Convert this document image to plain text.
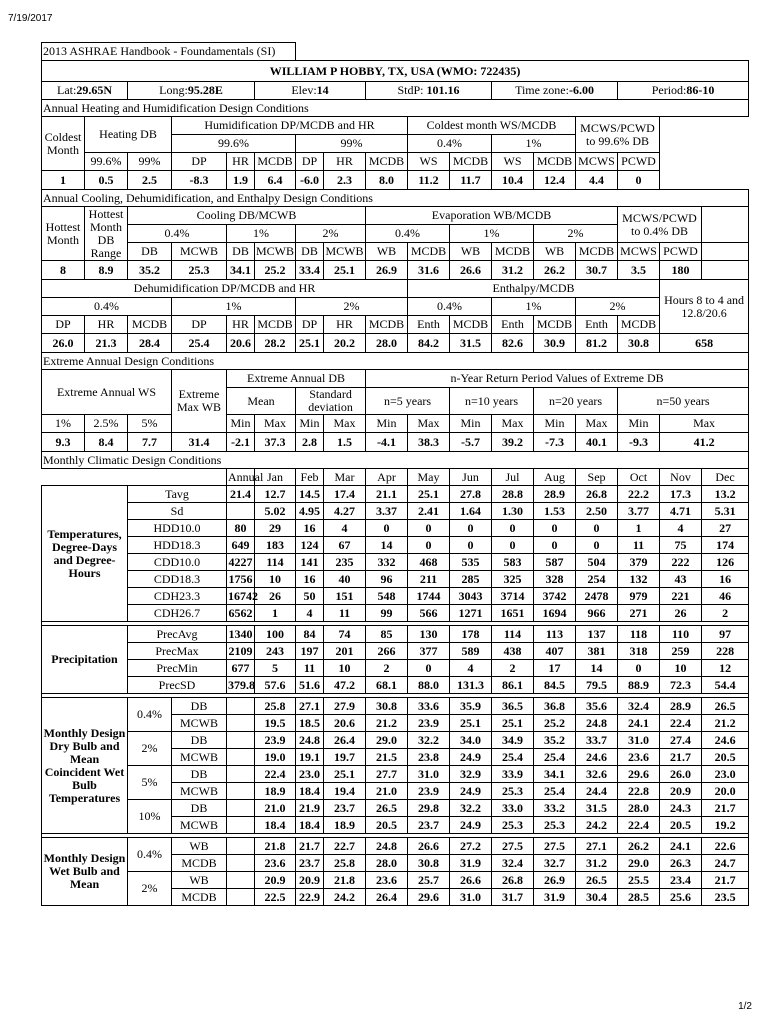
7/19/2017
1/2
2013 ASHRAE Handbook - Foundamentals (SI)																
WILLIAM P HOBBY, TX, USA (WMO: 722435)																
Lat:29.65N		Long:95.28E			Elev:14			StdP: 101.16			Time zone:-6.00			Period:86-10		
Annual Heating and Humidification Design Conditions																
Coldest Month	Heating DB		Humidification DP/MCDB and HR						Coldest month WS/MCDB				MCWS/PCWD to 99.6% DB			
			99.6%			99%			0.4%		1%					
	99.6%	99%	DP	HR	MCDB	DP	HR	MCDB	WS	MCDB	WS	MCDB	MCWS	PCWD		
1	0.5	2.5	-8.3	1.9	6.4	-6.0	2.3	8.0	11.2	11.7	10.4	12.4	4.4	0		
Annual Cooling, Dehumidification, and Enthalpy Design Conditions																
Hottest Month	Hottest Month DB Range	Cooling DB/MCWB						Evaporation WB/MCDB						MCWS/PCWD to 0.4% DB		
		0.4%		1%		2%		0.4%		1%		2%				
		DB	MCWB	DB	MCWB	DB	MCWB	WB	MCDB	WB	MCDB	WB	MCDB	MCWS	PCWD	
8	8.9	35.2	25.3	34.1	25.2	33.4	25.1	26.9	31.6	26.6	31.2	26.2	30.7	3.5	180	
Dehumidification DP/MCDB and HR									Enthalpy/MCDB						Hours 8 to 4 and 12.8/20.6	
0.4%			1%			2%			0.4%		1%		2%			
DP	HR	MCDB	DP	HR	MCDB	DP	HR	MCDB	Enth	MCDB	Enth	MCDB	Enth	MCDB		
26.0	21.3	28.4	25.4	20.6	28.2	25.1	20.2	28.0	84.2	31.5	82.6	30.9	81.2	30.8	658	
Extreme Annual Design Conditions																
Extreme Annual WS			Extreme Max WB	Extreme Annual DB				n-Year Return Period Values of Extreme DB								
				Mean		Standard deviation		n=5 years		n=10 years		n=20 years		n=50 years		
1%	2.5%	5%		Min	Max	Min	Max	Min	Max	Min	Max	Min	Max	Min	Max	
9.3	8.4	7.7	31.4	-2.1	37.3	2.8	1.5	-4.1	38.3	-5.7	39.2	-7.3	40.1	-9.3	41.2	
Monthly Climatic Design Conditions																
				Annual	Jan	Feb	Mar	Apr	May	Jun	Jul	Aug	Sep	Oct	Nov	Dec
Temperatures, Degree-Days and Degree-Hours		Tavg		21.4	12.7	14.5	17.4	21.1	25.1	27.8	28.8	28.9	26.8	22.2	17.3	13.2
		Sd			5.02	4.95	4.27	3.37	2.41	1.64	1.30	1.53	2.50	3.77	4.71	5.31
		HDD10.0		80	29	16	4	0	0	0	0	0	0	1	4	27
		HDD18.3		649	183	124	67	14	0	0	0	0	0	11	75	174
		CDD10.0		4227	114	141	235	332	468	535	583	587	504	379	222	126
		CDD18.3		1756	10	16	40	96	211	285	325	328	254	132	43	16
		CDH23.3		16742	26	50	151	548	1744	3043	3714	3742	2478	979	221	46
		CDH26.7		6562	1	4	11	99	566	1271	1651	1694	966	271	26	2

Precipitation		PrecAvg		1340	100	84	74	85	130	178	114	113	137	118	110	97
		PrecMax		2109	243	197	201	266	377	589	438	407	381	318	259	228
		PrecMin		677	5	11	10	2	0	4	2	17	14	0	10	12
		PrecSD		379.8	57.6	51.6	47.2	68.1	88.0	131.3	86.1	84.5	79.5	88.9	72.3	54.4

Monthly Design Dry Bulb and Mean Coincident Wet Bulb Temperatures		0.4%	DB		25.8	27.1	27.9	30.8	33.6	35.9	36.5	36.8	35.6	32.4	28.9	26.5
			MCWB		19.5	18.5	20.6	21.2	23.9	25.1	25.1	25.2	24.8	24.1	22.4	21.2
		2%	DB		23.9	24.8	26.4	29.0	32.2	34.0	34.9	35.2	33.7	31.0	27.4	24.6
			MCWB		19.0	19.1	19.7	21.5	23.8	24.9	25.4	25.4	24.6	23.6	21.7	20.5
		5%	DB		22.4	23.0	25.1	27.7	31.0	32.9	33.9	34.1	32.6	29.6	26.0	23.0
			MCWB		18.9	18.4	19.4	21.0	23.9	24.9	25.3	25.4	24.4	22.8	20.9	20.0
		10%	DB		21.0	21.9	23.7	26.5	29.8	32.2	33.0	33.2	31.5	28.0	24.3	21.7
			MCWB		18.4	18.4	18.9	20.5	23.7	24.9	25.3	25.3	24.2	22.4	20.5	19.2

Monthly Design Wet Bulb and Mean		0.4%	WB		21.8	21.7	22.7	24.8	26.6	27.2	27.5	27.5	27.1	26.2	24.1	22.6
			MCDB		23.6	23.7	25.8	28.0	30.8	31.9	32.4	32.7	31.2	29.0	26.3	24.7
		2%	WB		20.9	20.9	21.8	23.6	25.7	26.6	26.8	26.9	26.5	25.5	23.4	21.7
			MCDB		22.5	22.9	24.2	26.4	29.6	31.0	31.7	31.9	30.4	28.5	25.6	23.5
